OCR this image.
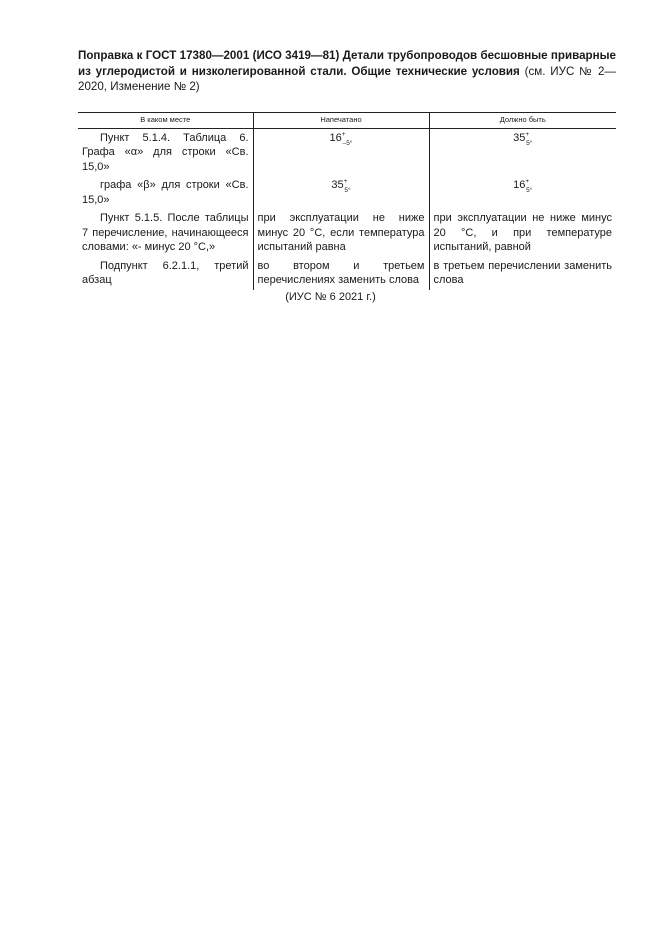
Поправка к ГОСТ 17380—2001 (ИСО 3419—81) Детали трубопроводов бесшовные приварные из углеродистой и низколегированной стали. Общие технические условия (см. ИУС № 2—2020, Изменение № 2)
В каком месте	Напечатано	Должно быть

Пункт 5.1.4. Таблица 6. Графа «α» для строки «Св. 15,0»	$16^+_{-5^\circ}$	$35^+_{5^\circ}$

графа «β» для строки «Св. 15,0»	$35^+_{5^\circ}$	$16^+_{5^\circ}$

Пункт 5.1.5. После таблицы 7 перечисление, начинающееся словами: «- минус 20 °С,»	при эксплуатации не ниже минус 20 °С, если температура испытаний равна	при эксплуатации не ниже минус 20 °С, и при температуре испытаний, равной

Подпункт 6.2.1.1, третий абзац	во втором и третьем перечислениях заменить слова	в третьем перечислении заменить слова
(ИУС № 6 2021 г.)
